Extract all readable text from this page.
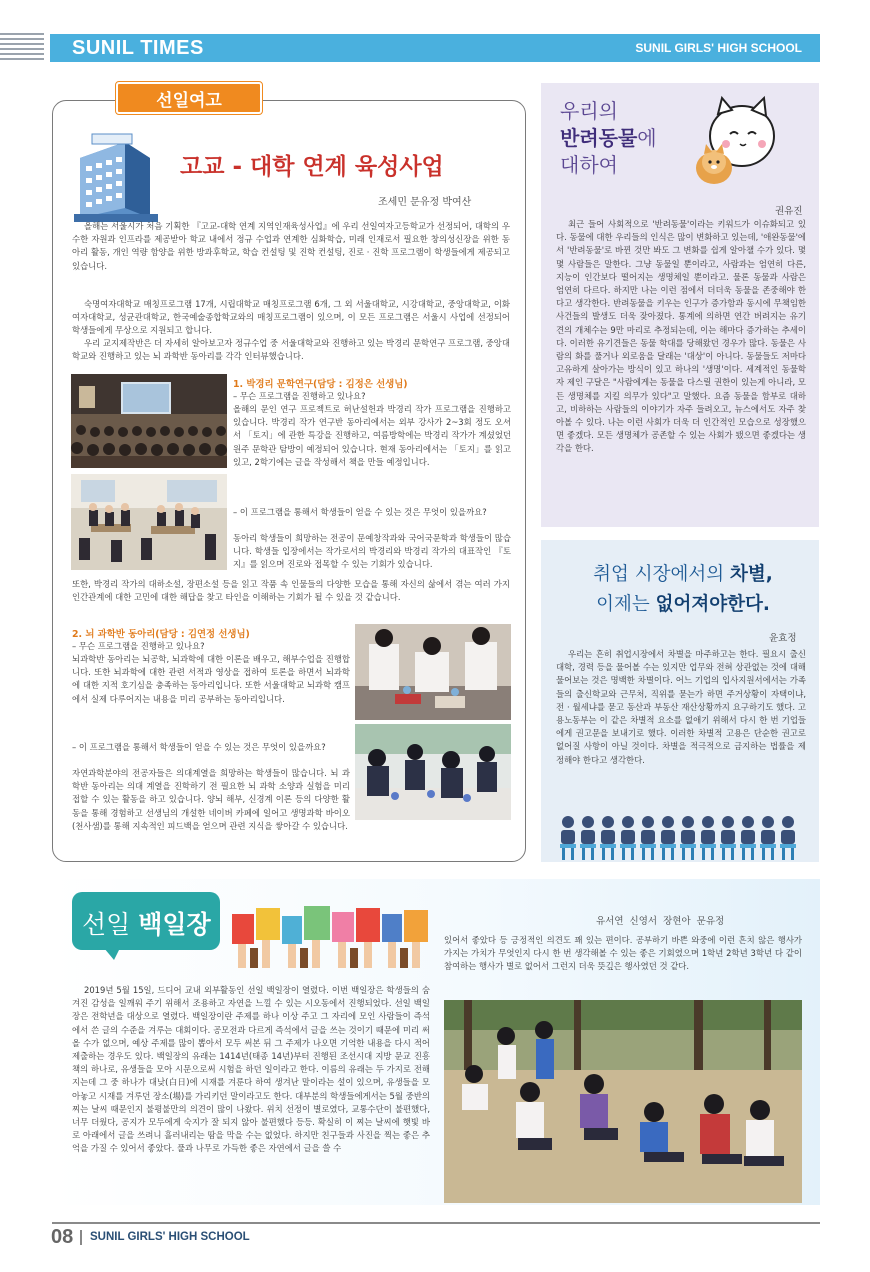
SUNIL TIMES	SUNIL GIRLS' HIGH SCHOOL
선일여고
고교 - 대학 연계 육성사업
조세민 문유정 박여산
올해는 서울시가 처음 기획한 『고교-대학 연계 지역인재육성사업』에 우리 선일여자고등학교가 선정되어, 대학의 우수한 자원과 인프라를 제공받아 학교 내에서 정규 수업과 연계한 심화학습, 미래 인재로서 필요한 창의성신장을 위한 동아리 활동, 개인 역량 함양을 위한 방과후학교, 학습 컨설팅 및 진학 컨설팅, 진로 · 진학 프로그램이 학생들에게 제공되고 있습니다.
숙명여자대학교 매칭프로그램 17개, 시립대학교 매칭프로그램 6개, 그 외 서울대학교, 시강대학교, 중앙대학교, 이화여자대학교, 성균관대학교, 한국예술종합학교와의 매칭프로그램이 있으며, 이 모든 프로그램은 서울시 사업에 선정되어 학생들에게 무상으로 지원되고 합니다.
우리 교지제작반은 더 자세히 알아보고자 정규수업 중 서울대학교와 진행하고 있는 박경리 문학연구 프로그램, 중앙대학교와 진행하고 있는 뇌 과학반 동아리를 각각 인터뷰했습니다.
1. 박경리 문학연구(담당 : 김정은 선생님)
– 무슨 프로그램을 진행하고 있나요?
올해의 문인 연구 프로젝트로 허난설헌과 박경리 작가 프로그램을 진행하고 있습니다. 박경리 작가 연구반 동아리에서는 외부 강사가 2~3회 정도 오셔서 「토지」에 관한 특강을 진행하고, 여름방학에는 박경리 작가가 계셨었던 원주 문학관 탐방이 예정되어 있습니다. 현재 동아리에서는 「토지」를 읽고 있고, 2학기에는 글을 작성해서 책을 만들 예정입니다.
– 이 프로그램을 통해서 학생들이 얻을 수 있는 것은 무엇이 있을까요?
동아리 학생들이 희망하는 전공이 문예창작과와 국어국문학과 학생들이 많습니다. 학생들 입장에서는 작가로서의 박경리와 박경리 작가의 대표작인 『토지』를 읽으며 진로와 접목할 수 있는 기회가 있습니다.
또한, 박경리 작가의 대하소설, 장편소설 등을 읽고 작품 속 인물들의 다양한 모습을 통해 자신의 삶에서 겪는 여러 가지 인간관계에 대한 고민에 대한 해답을 찾고 타인을 이해하는 기회가 될 수 있을 것 같습니다.
2. 뇌 과학반 동아리(담당 : 김연정 선생님)
– 무슨 프로그램을 진행하고 있나요?
뇌과학반 동아리는 뇌공학, 뇌과학에 대한 이론을 배우고, 해부수업을 진행합니다. 또한 뇌과학에 대한 관련 서적과 영상을 접하여 토론을 하면서 뇌과학에 대한 지적 호기심을 충족하는 동아리입니다. 또한 서울대학교 뇌과학 캠프에서 실제 다루어지는 내용을 미리 공부하는 동아리입니다.
– 이 프로그램을 통해서 학생들이 얻을 수 있는 것은 무엇이 있을까요?
자연과학분야의 전공자들은 의대계열을 희망하는 학생들이 많습니다. 뇌 과학반 동아리는 의대 계열을 진학하기 전 필요한 뇌 과학 소양과 실험을 미리 접할 수 있는 활동을 하고 있습니다. 양뇌 해부, 신경계 이론 등의 다양한 활동을 통해 경험하고 선생님의 개설한 네이버 카페에 일어고 생명과학 바이오(천사샘)를 통해 지속적인 피드백을 얻으며 관련 지식을 쌓아갈 수 있습니다.
우리의
반려동물에
대하여
권유진
최근 들어 사회적으로 '반려동물'이라는 키워드가 이슈화되고 있다. 동물에 대한 우리들의 인식은 많이 변화하고 있는데, '애완동물'에서 '반려동물'로 바뀐 것만 봐도 그 변화를 쉽게 알아챌 수가 있다. 몇몇 사람들은 말한다. 그냥 동물일 뿐이라고, 사람과는 엄연히 다른, 지능이 인간보다 떨어지는 생명체일 뿐이라고. 물론 동물과 사람은 엄연히 다르다. 하지만 나는 이런 점에서 더더욱 동물을 존중해야 한다고 생각한다. 반려동물을 키우는 인구가 증가함과 동시에 무책임한 사건들의 발생도 더욱 잦아졌다. 통계에 의하면 연간 버려지는 유기견의 개체수는 9만 마리로 추정되는데, 이는 해마다 증가하는 추세이다. 이러한 유기견들은 동물 학대를 당해왔던 경우가 많다. 동물은 사람의 화를 풀거나 외로움을 달래는 '대상'이 아니다. 동물들도 저마다 고유하게 살아가는 방식이 있고 하나의 '생명'이다. 세계적인 동물학자 제인 구달은 "사람에게는 동물을 다스릴 권한이 있는게 아니라, 모든 생명체를 지킬 의무가 있다"고 말했다. 요즘 동물을 함부로 대하고, 비하하는 사람들의 이야기가 자주 들려오고, 뉴스에서도 자주 찾아볼 수 있다. 나는 이런 사회가 더욱 더 인간적인 모습으로 성장했으면 좋겠다. 모든 생명체가 공존할 수 있는 사회가 됐으면 좋겠다는 생각을 한다.
취업 시장에서의 차별,
이제는 없어져야한다.
윤효정
우리는 흔히 취업시장에서 차별을 마주하고는 한다. 필요시 출신 대학, 경력 등을 물어볼 수는 있지만 업무와 전혀 상관없는 것에 대해 물어보는 것은 명백한 차별이다. 어느 기업의 입사지원서에서는 가족들의 출신학교와 근무처, 직위를 묻는가 하면 주거상황이 자택이냐, 전 · 월세냐를 묻고 동산과 부동산 재산상황까지 요구하기도 했다. 고용노동부는 이 같은 차별적 요소를 없애기 위해서 다시 한 번 기업들에게 권고문을 보내기로 했다. 이러한 차별적 고용은 단순한 권고로 없어질 사항이 아닐 것이다. 차별을 적극적으로 금지하는 법률을 제정해야 한다고 생각한다.
선일 백일장	유서연 신영서 장현아 문유정
2019년 5월 15일, 드디어 교내 외부활동인 선일 백일장이 열렸다. 이번 백일장은 학생들의 숨겨진 감성을 일깨워 주기 위해서 조용하고 자연을 느낄 수 있는 시오동에서 진행되었다. 선일 백일장은 전학년을 대상으로 열렸다. 백일장이란 주제를 하나 이상 주고 그 자리에 모인 사람들이 즉석에서 쓴 글의 수준을 겨루는 대회이다. 공모전과 다르게 즉석에서 글을 쓰는 것이기 때문에 미리 써올 수가 없으며, 예상 주제를 많이 뽑아서 모두 써본 뒤 그 주제가 나오면 기억한 내용을 다시 적어 제출하는 경우도 있다. 백일장의 유래는 1414년(태종 14년)부터 진행된 조선시대 지방 문교 진흥책의 하나로, 유생들을 모아 시문으로써 시험을 하던 일이라고 한다. 이름의 유래는 두 가지로 전해지는데 그 중 하나가 대낮(白日)에 시재를 겨룬다 하여 생겨난 말이라는 설이 있으며, 유생들을 모아놓고 시재를 겨루던 장소(場)를 가리키던 말이라고도 한다. 대부분의 학생들에게서는 5월 중반의 찌는 날씨 때문인지 불평불만의 의견이 많이 나왔다. 위치 선정이 별로였다, 교통수단이 불편했다, 너무 더웠다, 공지가 모두에게 숙지가 잘 되지 않아 불편했다 등등. 확실히 이 찌는 날씨에 햇빛 바로 아래에서 글을 쓰려니 흘러내리는 땀을 막을 수는 없었다. 하지만 친구들과 사진을 찍는 좋은 추억을 가질 수 있어서 좋았다. 풀과 나무로 가득한 좋은 자연에서 글을 쓸 수
있어서 좋았다 등 긍정적인 의견도 꽤 있는 편이다. 공부하기 바쁜 와중에 이런 흔치 않은 행사가 가지는 가치가 무엇인지 다시 한 번 생각해볼 수 있는 좋은 기회였으며 1학년 2학년 3학년 다 같이 참여하는 행사가 별로 없어서 그런지 더욱 뜻깊은 행사였던 것 같다.
08 SUNIL GIRLS' HIGH SCHOOL
